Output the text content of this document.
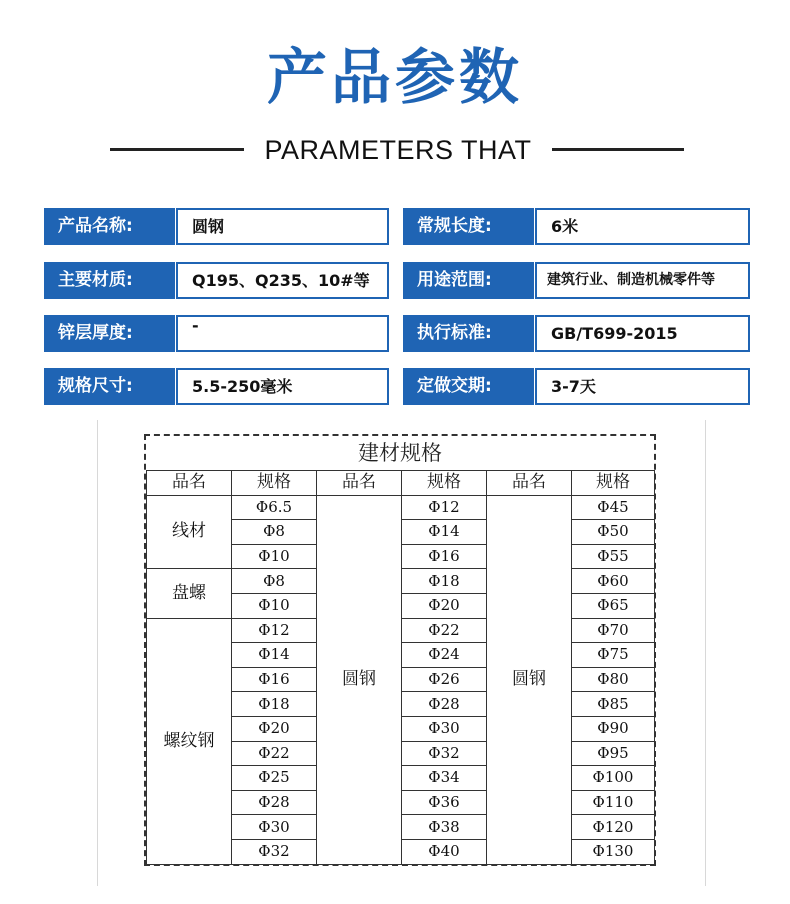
产品参数
PARAMETERS THAT
产品名称:	圆钢	常规长度:	6米
主要材质:	Q195、Q235、10#等	用途范围:	建筑行业、制造机械零件等
锌层厚度:	-	执行标准:	GB/T699-2015
规格尺寸:	5.5-250毫米	定做交期:	3-7天
建材规格
品名	规格	品名	规格	品名	规格
线材	Φ6.5	圆钢	Φ12	圆钢	Φ45
	Φ8		Φ14		Φ50
	Φ10		Φ16		Φ55
盘螺	Φ8		Φ18		Φ60
	Φ10		Φ20		Φ65
螺纹钢	Φ12		Φ22		Φ70
	Φ14		Φ24		Φ75
	Φ16		Φ26		Φ80
	Φ18		Φ28		Φ85
	Φ20		Φ30		Φ90
	Φ22		Φ32		Φ95
	Φ25		Φ34		Φ100
	Φ28		Φ36		Φ110
	Φ30		Φ38		Φ120
	Φ32		Φ40		Φ130
